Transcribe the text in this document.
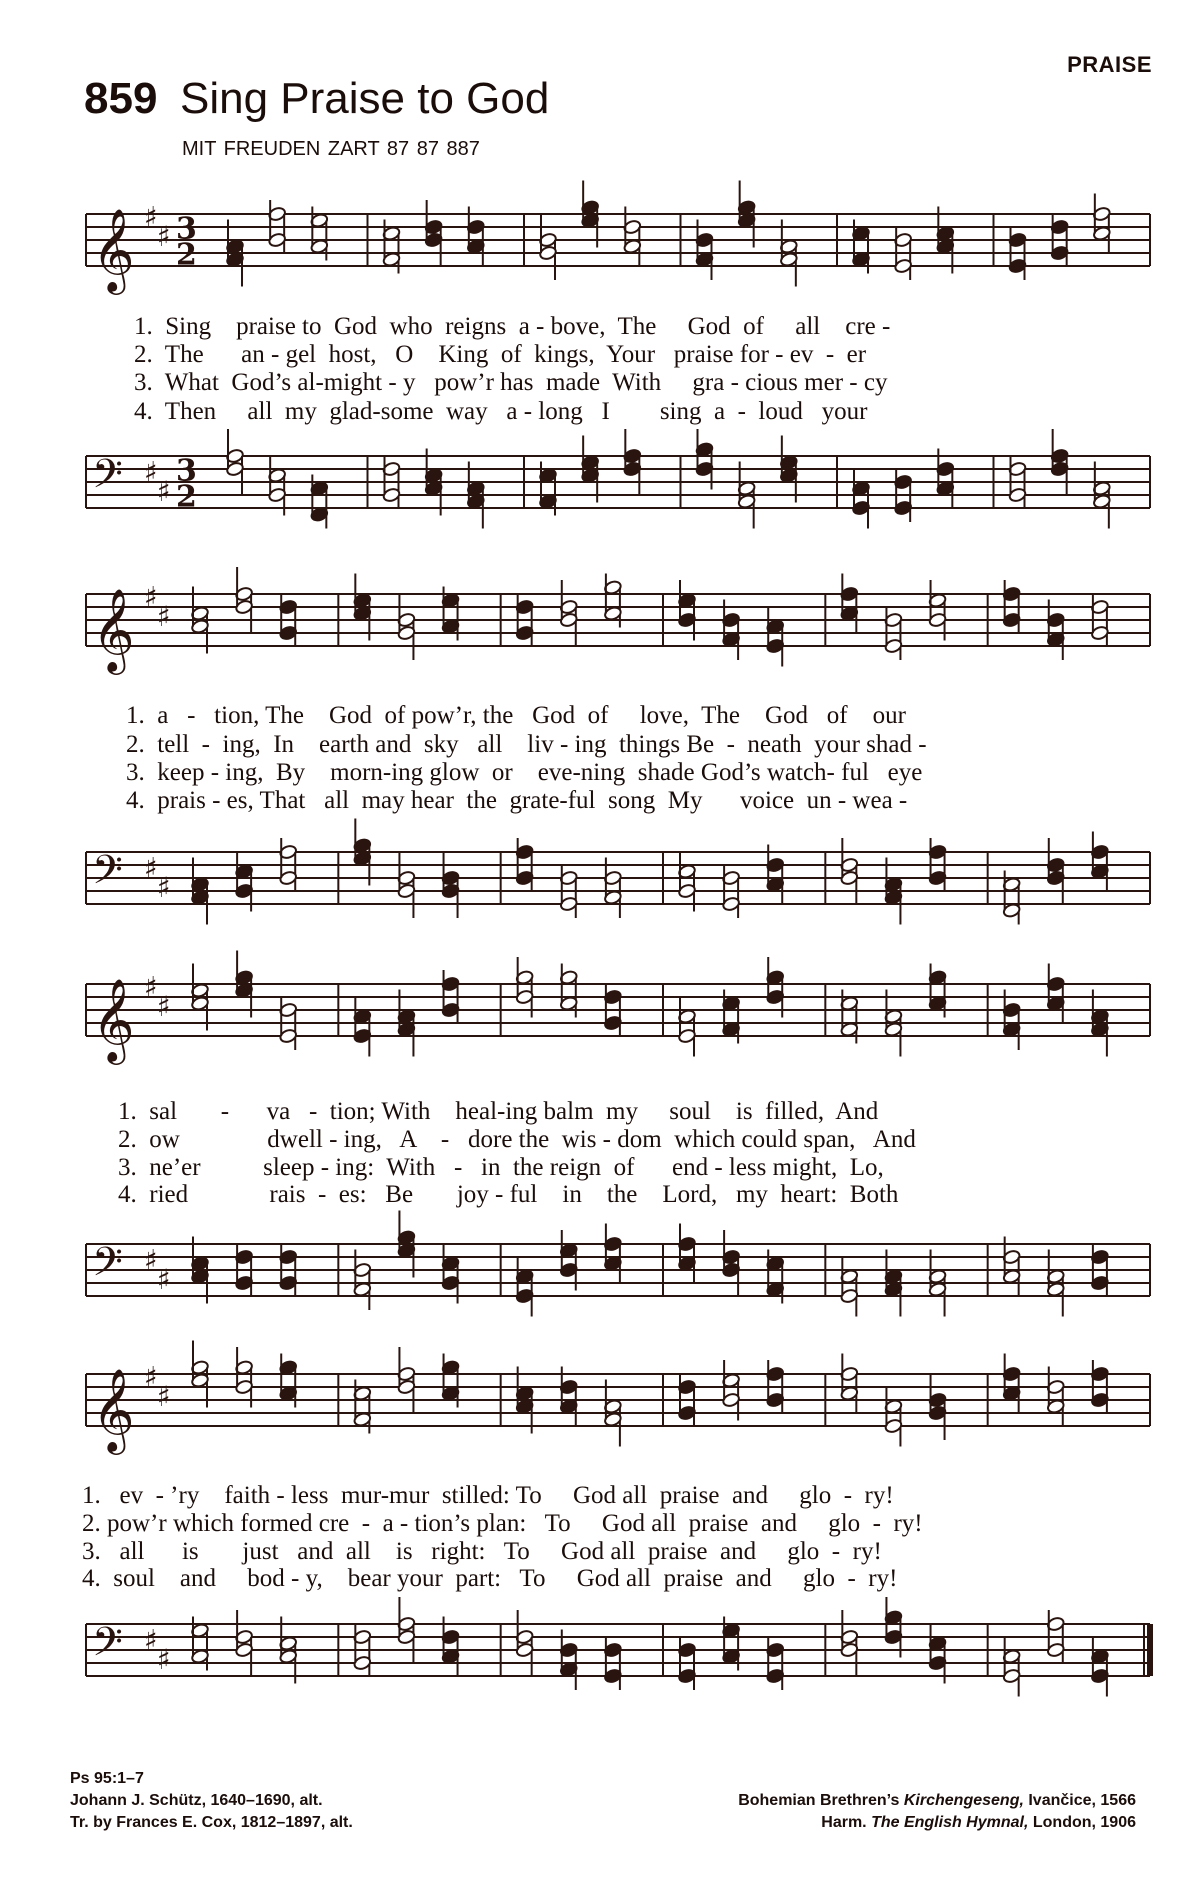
PRAISE
859 Sing Praise to God
MIT FREUDEN ZART 87 87 887
𝄞 ♯
♯ 3
2
1.  Sing    praise to  God  who  reigns  a - bove,  The     God  of     all    cre -
2.  The      an - gel  host,   O    King  of  kings,  Your   praise for - ev  -  er
3.  What  God’s al-might - y   pow’r has  made  With     gra - cious mer - cy
4.  Then     all  my  glad-some  way   a - long   I        sing  a  -  loud   your
𝄢 ♯
♯
3
2
𝄞 ♯
♯
1.  a   -   tion, The    God  of pow’r, the   God  of     love,  The    God   of    our
2.  tell  -  ing,  In    earth and  sky   all    liv - ing  things Be  -  neath  your shad -
3.  keep - ing,  By    morn-ing glow  or    eve-ning  shade God’s watch- ful   eye
4.  prais - es, That   all  may hear  the  grate-ful  song  My      voice  un - wea -
𝄢 ♯
♯
𝄞 ♯
♯
1.  sal       -      va   -  tion; With    heal-ing balm  my     soul    is  filled,  And
2.  ow              dwell - ing,   A    -   dore the  wis - dom  which could span,   And
3.  ne’er          sleep - ing:  With   -   in  the reign  of      end - less might,  Lo,
4.  ried             rais  -  es:   Be       joy - ful    in    the    Lord,   my  heart:  Both
𝄢 ♯
♯
𝄞 ♯
♯
1.   ev  - ’ry    faith - less  mur-mur  stilled: To     God all  praise  and     glo  -  ry!
2. pow’r which formed cre  -  a - tion’s plan:   To     God all  praise  and     glo  -  ry!
3.   all      is       just   and  all    is   right:   To     God all  praise  and     glo  -  ry!
4.  soul    and     bod - y,    bear your  part:   To     God all  praise  and     glo  -  ry!
𝄢 ♯
♯
Ps 95:1–7
Johann J. Schütz, 1640–1690, alt.
Tr. by Frances E. Cox, 1812–1897, alt.
Bohemian Brethren’s Kirchengeseng, Ivančice, 1566
Harm. The English Hymnal, London, 1906
